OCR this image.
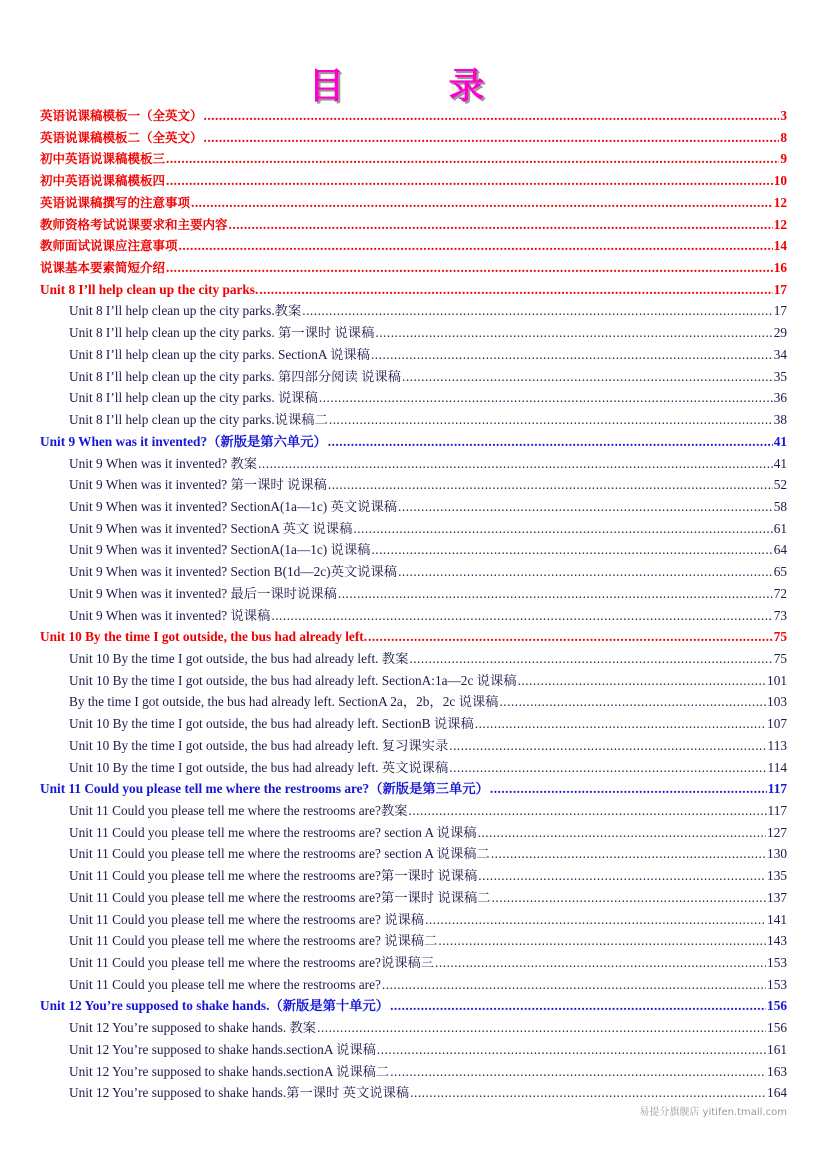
目　录
英语说课稿模板一（全英文） .....	3
英语说课稿模板二（全英文） .....	8
初中英语说课稿模板三 .....	9
初中英语说课稿模板四 .....	10
英语说课稿撰写的注意事项 .....	12
教师资格考试说课要求和主要内容 .....	12
教师面试说课应注意事项 .....	14
说课基本要素简短介绍 .....	16
Unit 8 I’ll help clean up the city parks. .....	17
Unit 8 I’ll help clean up the city parks.教案 .....	17
Unit 8 I’ll help clean up the city parks. 第一课时 说课稿 .....	29
Unit 8 I’ll help clean up the city parks. SectionA 说课稿 .....	34
Unit 8 I’ll help clean up the city parks. 第四部分阅读 说课稿 .....	35
Unit 8 I’ll help clean up the city parks. 说课稿 .....	36
Unit 8 I’ll help clean up the city parks.说课稿二 .....	38
Unit 9 When was it invented?（新版是第六单元） .....	41
Unit 9 When was it invented? 教案 .....	41
Unit 9 When was it invented? 第一课时 说课稿 .....	52
Unit 9 When was it invented? SectionA(1a—1c) 英文说课稿 .....	58
Unit 9 When was it invented? SectionA 英文 说课稿 .....	61
Unit 9 When was it invented? SectionA(1a—1c) 说课稿 .....	64
Unit 9 When was it invented? Section B(1d—2c)英文说课稿 .....	65
Unit 9 When was it invented? 最后一课时说课稿 .....	72
Unit 9 When was it invented? 说课稿 .....	73
Unit 10 By the time I got outside, the bus had already left. .....	75
Unit 10 By the time I got outside, the bus had already left. 教案 .....	75
Unit 10 By the time I got outside, the bus had already left. SectionA:1a—2c 说课稿 .....	101
By the time I got outside, the bus had already left. SectionA 2a，2b，2c 说课稿 .....	103
Unit 10 By the time I got outside, the bus had already left. SectionB 说课稿 .....	107
Unit 10 By the time I got outside, the bus had already left. 复习课实录 .....	113
Unit 10 By the time I got outside, the bus had already left. 英文说课稿 .....	114
Unit 11 Could you please tell me where the restrooms are?（新版是第三单元） .....	117
Unit 11 Could you please tell me where the restrooms are?教案 .....	117
Unit 11 Could you please tell me where the restrooms are? section A 说课稿 .....	127
Unit 11 Could you please tell me where the restrooms are? section A 说课稿二 .....	130
Unit 11 Could you please tell me where the restrooms are?第一课时 说课稿 .....	135
Unit 11 Could you please tell me where the restrooms are?第一课时 说课稿二 .....	137
Unit 11 Could you please tell me where the restrooms are? 说课稿 .....	141
Unit 11 Could you please tell me where the restrooms are? 说课稿二 .....	143
Unit 11 Could you please tell me where the restrooms are?说课稿三 .....	153
Unit 11 Could you please tell me where the restrooms are? .....	153
Unit 12 You’re supposed to shake hands.（新版是第十单元） .....	156
Unit 12 You’re supposed to shake hands. 教案 .....	156
Unit 12 You’re supposed to shake hands.sectionA 说课稿 .....	161
Unit 12 You’re supposed to shake hands.sectionA 说课稿二 .....	163
Unit 12 You’re supposed to shake hands.第一课时 英文说课稿 .....	164
易提分旗舰店 yitifen.tmall.com
